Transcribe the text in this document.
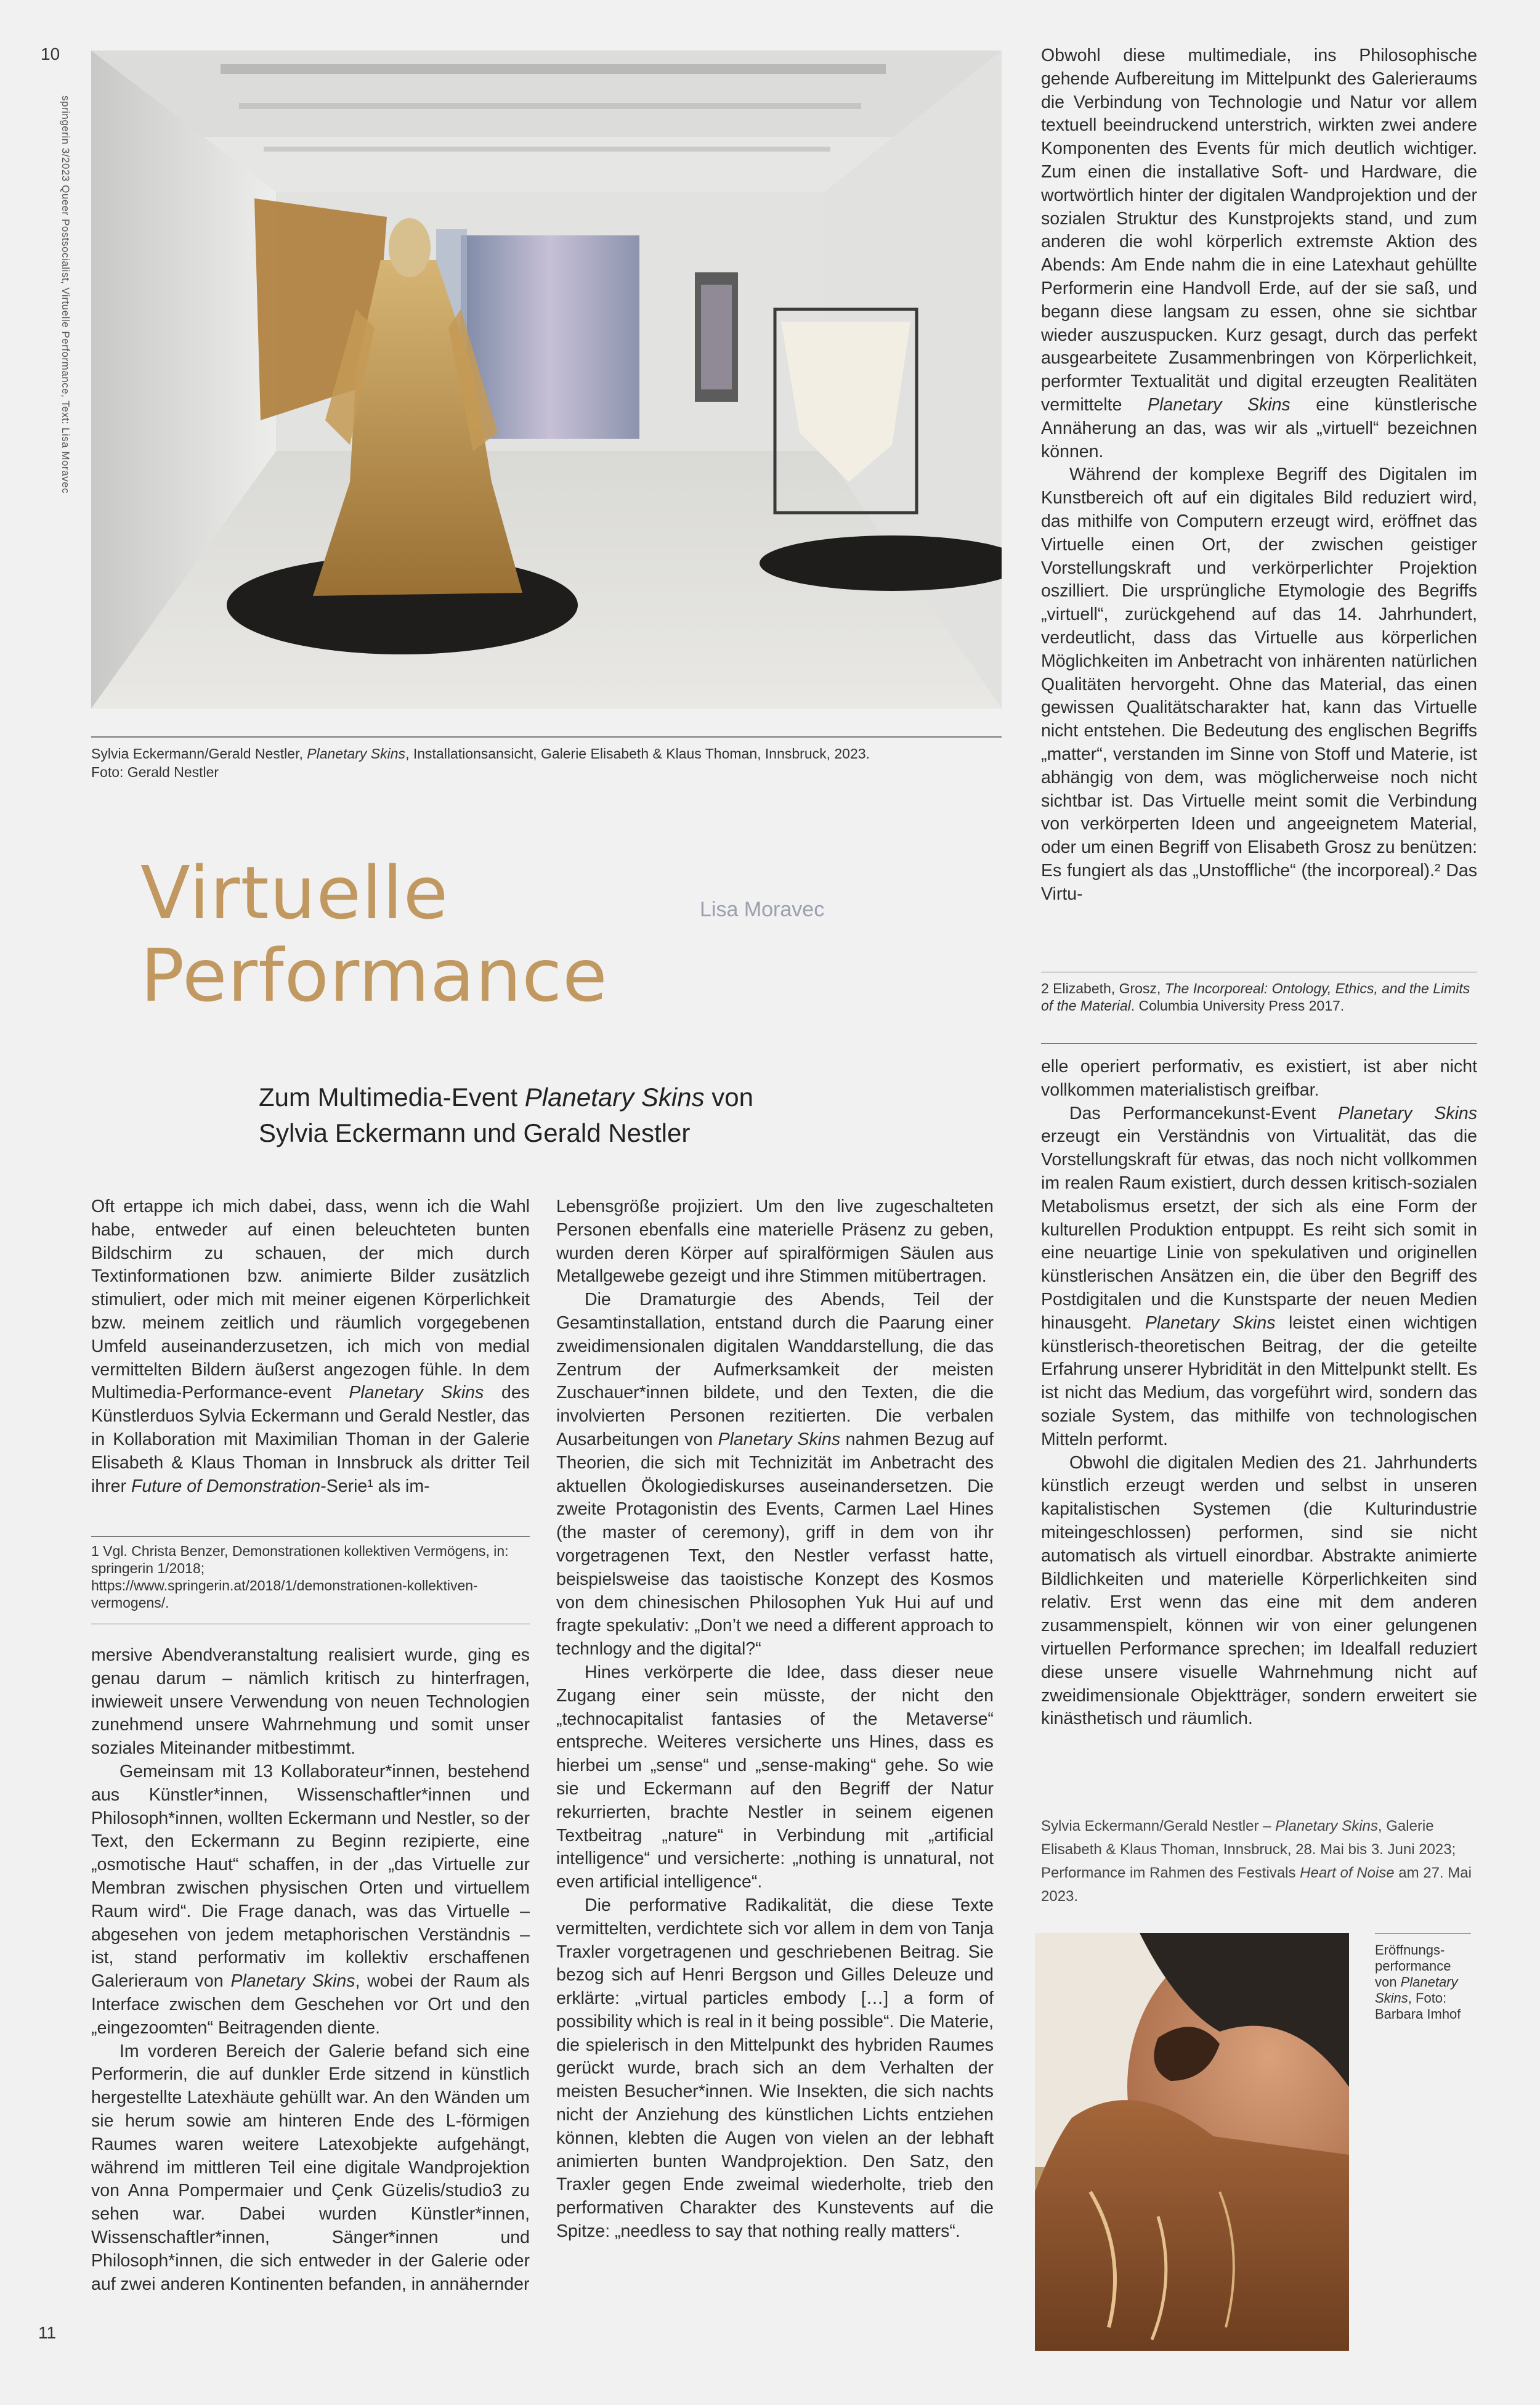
10
springerin 3/2023 Queer Postsocialist, Virtuelle Performance, Text: Lisa Moravec
11
Sylvia Eckermann/Gerald Nestler, Planetary Skins, Installationsansicht, Galerie Elisabeth & Klaus Thoman, Innsbruck, 2023.
Foto: Gerald Nestler
Virtuelle
Performance
Lisa Moravec
Zum Multimedia-Event Planetary Skins von
Sylvia Eckermann und Gerald Nestler

Oft ertappe ich mich dabei, dass, wenn ich die Wahl habe, entweder auf einen beleuchteten bunten Bildschirm zu schauen, der mich durch Textinformationen bzw. animierte Bilder zusätzlich stimuliert, oder mich mit meiner eigenen Körperlichkeit bzw. meinem zeitlich und räumlich vorgegebenen Umfeld auseinanderzusetzen, ich mich von medial vermittelten Bildern äußerst angezogen fühle. In dem Multimedia-Performance-event Planetary Skins des Künstlerduos Sylvia Eckermann und Gerald Nestler, das in Kollaboration mit Maximilian Thoman in der Galerie Elisabeth & Klaus Thoman in Innsbruck als dritter Teil ihrer Future of Demonstration-Serie¹ als im-

1 Vgl. Christa Benzer, Demonstrationen kollektiven Vermögens, in: springerin 1/2018; https://www.springerin.at/2018/1/demonstrationen-kollektiven-vermogens/.

mersive Abendveranstaltung realisiert wurde, ging es genau darum – nämlich kritisch zu hinterfragen, inwieweit unsere Verwendung von neuen Technologien zunehmend unsere Wahrnehmung und somit unser soziales Miteinander mitbestimmt.

Gemeinsam mit 13 Kollaborateur*innen, bestehend aus Künstler*innen, Wissenschaftler*innen und Philosoph*innen, wollten Eckermann und Nestler, so der Text, den Eckermann zu Beginn rezipierte, eine „osmotische Haut“ schaffen, in der „das Virtuelle zur Membran zwischen physischen Orten und virtuellem Raum wird“. Die Frage danach, was das Virtuelle – abgesehen von jedem metaphorischen Verständnis – ist, stand performativ im kollektiv erschaffenen Galerieraum von Planetary Skins, wobei der Raum als Interface zwischen dem Geschehen vor Ort und den „eingezoomten“ Beitragenden diente.

Im vorderen Bereich der Galerie befand sich eine Performerin, die auf dunkler Erde sitzend in künstlich hergestellte Latexhäute gehüllt war. An den Wänden um sie herum sowie am hinteren Ende des L-förmigen Raumes waren weitere Latexobjekte aufgehängt, während im mittleren Teil eine digitale Wandprojektion von Anna Pompermaier und Çenk Güzelis/studio3 zu sehen war. Dabei wurden Künstler*innen, Wissenschaftler*innen, Sänger*innen und Philosoph*innen, die sich entweder in der Galerie oder auf zwei anderen Kontinenten befanden, in annähernder

Lebensgröße projiziert. Um den live zugeschalteten Personen ebenfalls eine materielle Präsenz zu geben, wurden deren Körper auf spiralförmigen Säulen aus Metallgewebe gezeigt und ihre Stimmen mitübertragen.

Die Dramaturgie des Abends, Teil der Gesamtinstallation, entstand durch die Paarung einer zweidimensionalen digitalen Wanddarstellung, die das Zentrum der Aufmerksamkeit der meisten Zuschauer*innen bildete, und den Texten, die die involvierten Personen rezitierten. Die verbalen Ausarbeitungen von Planetary Skins nahmen Bezug auf Theorien, die sich mit Technizität im Anbetracht des aktuellen Ökologiediskurses auseinandersetzen. Die zweite Protagonistin des Events, Carmen Lael Hines (the master of ceremony), griff in dem von ihr vorgetragenen Text, den Nestler verfasst hatte, beispielsweise das taoistische Konzept des Kosmos von dem chinesischen Philosophen Yuk Hui auf und fragte spekulativ: „Don’t we need a different approach to technlogy and the digital?“

Hines verkörperte die Idee, dass dieser neue Zugang einer sein müsste, der nicht den „technocapitalist fantasies of the Metaverse“ entspreche. Weiteres versicherte uns Hines, dass es hierbei um „sense“ und „sense-making“ gehe. So wie sie und Eckermann auf den Begriff der Natur rekurrierten, brachte Nestler in seinem eigenen Textbeitrag „nature“ in Verbindung mit „artificial intelligence“ und versicherte: „nothing is unnatural, not even artificial intelligence“.

Die performative Radikalität, die diese Texte vermittelten, verdichtete sich vor allem in dem von Tanja Traxler vorgetragenen und geschriebenen Beitrag. Sie bezog sich auf Henri Bergson und Gilles Deleuze und erklärte: „virtual particles embody […] a form of possibility which is real in it being possible“. Die Materie, die spielerisch in den Mittelpunkt des hybriden Raumes gerückt wurde, brach sich an dem Verhalten der meisten Besucher*innen. Wie Insekten, die sich nachts nicht der Anziehung des künstlichen Lichts entziehen können, klebten die Augen von vielen an der lebhaft animierten bunten Wandprojektion. Den Satz, den Traxler gegen Ende zweimal wiederholte, trieb den performativen Charakter des Kunstevents auf die Spitze: „needless to say that nothing really matters“.

Obwohl diese multimediale, ins Philosophische gehende Aufbereitung im Mittelpunkt des Galerieraums die Verbindung von Technologie und Natur vor allem textuell beeindruckend unterstrich, wirkten zwei andere Komponenten des Events für mich deutlich wichtiger. Zum einen die installative Soft- und Hardware, die wortwörtlich hinter der digitalen Wandprojektion und der sozialen Struktur des Kunstprojekts stand, und zum anderen die wohl körperlich extremste Aktion des Abends: Am Ende nahm die in eine Latexhaut gehüllte Performerin eine Handvoll Erde, auf der sie saß, und begann diese langsam zu essen, ohne sie sichtbar wieder auszuspucken. Kurz gesagt, durch das perfekt ausgearbeitete Zusammenbringen von Körperlichkeit, performter Textualität und digital erzeugten Realitäten vermittelte Planetary Skins eine künstlerische Annäherung an das, was wir als „virtuell“ bezeichnen können.

Während der komplexe Begriff des Digitalen im Kunstbereich oft auf ein digitales Bild reduziert wird, das mithilfe von Computern erzeugt wird, eröffnet das Virtuelle einen Ort, der zwischen geistiger Vorstellungskraft und verkörperlichter Projektion oszilliert. Die ursprüngliche Etymologie des Begriffs „virtuell“, zurückgehend auf das 14. Jahrhundert, verdeutlicht, dass das Virtuelle aus körperlichen Möglichkeiten im Anbetracht von inhärenten natürlichen Qualitäten hervorgeht. Ohne das Material, das einen gewissen Qualitätscharakter hat, kann das Virtuelle nicht entstehen. Die Bedeutung des englischen Begriffs „matter“, verstanden im Sinne von Stoff und Materie, ist abhängig von dem, was möglicherweise noch nicht sichtbar ist. Das Virtuelle meint somit die Verbindung von verkörperten Ideen und angeeignetem Material, oder um einen Begriff von Elisabeth Grosz zu benützen: Es fungiert als das „Unstoffliche“ (the incorporeal).² Das Virtu-

2 Elizabeth, Grosz, The Incorporeal: Ontology, Ethics, and the Limits of the Material. Columbia University Press 2017.

elle operiert performativ, es existiert, ist aber nicht vollkommen materialistisch greifbar.

Das Performancekunst-Event Planetary Skins erzeugt ein Verständnis von Virtualität, das die Vorstellungskraft für etwas, das noch nicht vollkommen im realen Raum existiert, durch dessen kritisch-sozialen Metabolismus ersetzt, der sich als eine Form der kulturellen Produktion entpuppt. Es reiht sich somit in eine neuartige Linie von spekulativen und originellen künstlerischen Ansätzen ein, die über den Begriff des Postdigitalen und die Kunstsparte der neuen Medien hinausgeht. Planetary Skins leistet einen wichtigen künstlerisch-theoretischen Beitrag, der die geteilte Erfahrung unserer Hybridität in den Mittelpunkt stellt. Es ist nicht das Medium, das vorgeführt wird, sondern das soziale System, das mithilfe von technologischen Mitteln performt.

Obwohl die digitalen Medien des 21. Jahrhunderts künstlich erzeugt werden und selbst in unseren kapitalistischen Systemen (die Kulturindustrie miteingeschlossen) performen, sind sie nicht automatisch als virtuell einordbar. Abstrakte animierte Bildlichkeiten und materielle Körperlichkeiten sind relativ. Erst wenn das eine mit dem anderen zusammenspielt, können wir von einer gelungenen virtuellen Performance sprechen; im Idealfall reduziert diese unsere visuelle Wahrnehmung nicht auf zweidimensionale Objektträger, sondern erweitert sie kinästhetisch und räumlich.

Sylvia Eckermann/Gerald Nestler – Planetary Skins, Galerie Elisabeth & Klaus Thoman, Innsbruck, 28. Mai bis 3. Juni 2023; Performance im Rahmen des Festivals Heart of Noise am 27. Mai 2023.
Eröffnungs-
performance
von Planetary
Skins, Foto:
Barbara Imhof
